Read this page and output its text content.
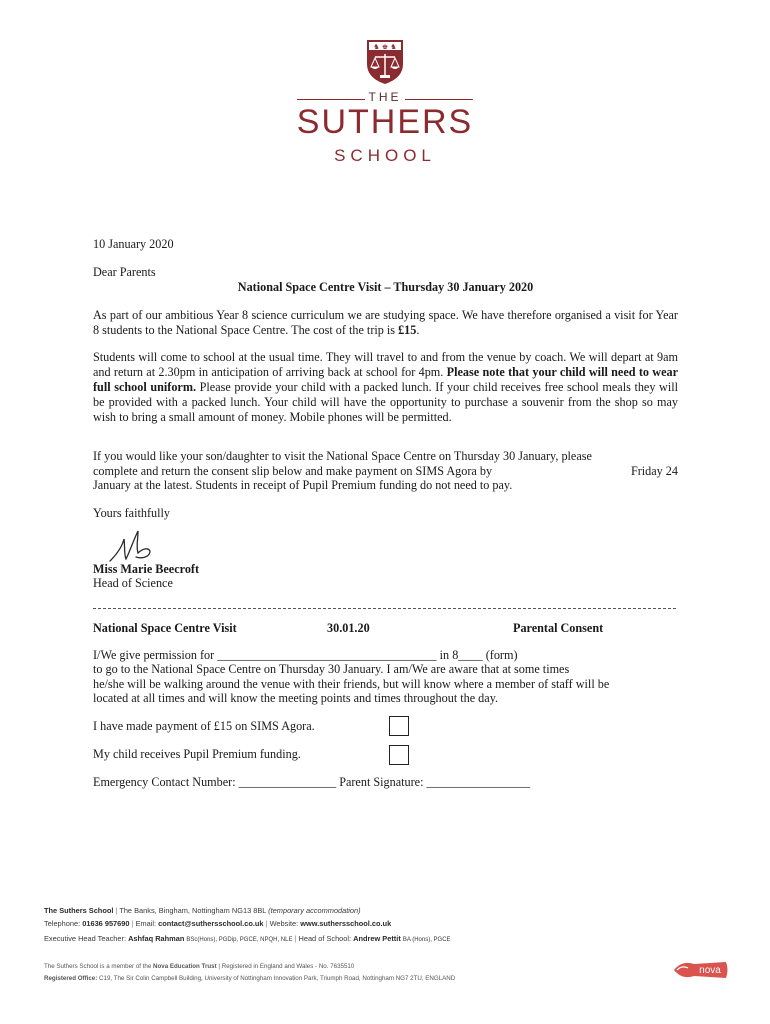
♞ ♚ ♞
THE
SUTHERS
SCHOOL
10 January 2020
Dear Parents
National Space Centre Visit – Thursday 30 January 2020
As part of our ambitious Year 8 science curriculum we are studying space. We have therefore organised a visit for Year 8 students to the National Space Centre. The cost of the trip is £15.
Students will come to school at the usual time. They will travel to and from the venue by coach. We will depart at 9am and return at 2.30pm in anticipation of arriving back at school for 4pm. Please note that your child will need to wear full school uniform. Please provide your child with a packed lunch. If your child receives free school meals they will be provided with a packed lunch. Your child will have the opportunity to purchase a souvenir from the shop so may wish to bring a small amount of money. Mobile phones will be permitted.
If you would like your son/daughter to visit the National Space Centre on Thursday 30 January, please
complete and return the consent slip below and make payment on SIMS Agora by	Friday 24
January at the latest. Students in receipt of Pupil Premium funding do not need to pay.
Yours faithfully
Miss Marie Beecroft
Head of Science
National Space Centre Visit	30.01.20	Parental Consent
I/We give permission for ____________________________________ in 8____ (form)
to go to the National Space Centre on Thursday 30 January. I am/We are aware that at some times
he/she will be walking around the venue with their friends, but will know where a member of staff will be
located at all times and will know the meeting points and times throughout the day.
I have made payment of £15 on SIMS Agora.
My child receives Pupil Premium funding.
Emergency Contact Number: ________________ Parent Signature: _________________
The Suthers School | The Banks, Bingham, Nottingham NG13 8BL (temporary accommodation)
Telephone: 01636 957690 | Email: contact@suthersschool.co.uk | Website: www.suthersschool.co.uk
Executive Head Teacher: Ashfaq Rahman BSc(Hons), PGDip, PGCE, NPQH, NLE | Head of School: Andrew Pettit BA (Hons), PGCE
The Suthers School is a member of the Nova Education Trust | Registered in England and Wales - No. 7635510
Registered Office: C19, The Sir Colin Campbell Building, University of Nottingham Innovation Park, Triumph Road, Nottingham NG7 2TU, ENGLAND
nova
